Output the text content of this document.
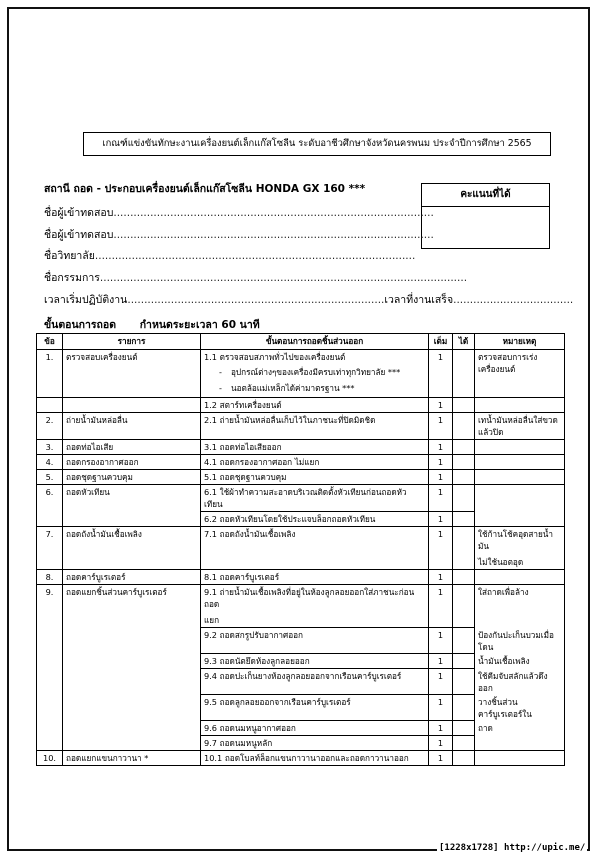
เกณฑ์แข่งขันทักษะงานเครื่องยนต์เล็กแก๊สโซลีน ระดับอาชีวศึกษาจังหวัดนครพนม ประจำปีการศึกษา 2565
คะแนนที่ได้
สถานี ถอด - ประกอบเครื่องยนต์เล็กแก๊สโซลีน HONDA GX 160 ***
ชื่อผู้เข้าทดสอบ................................................................................................
ชื่อผู้เข้าทดสอบ................................................................................................
ชื่อวิทยาลัย................................................................................................
ชื่อกรรมการ..............................................................................................................
เวลาเริ่มปฏิบัติงาน.............................................................................เวลาที่งานเสร็จ....................................
ขั้นตอนการถอด กำหนดระยะเวลา 60 นาที
ข้อ	รายการ	ขั้นตอนการถอดชิ้นส่วนออก	เต็ม	ได้	หมายเหตุ
1.	ตรวจสอบเครื่องยนต์	1.1 ตรวจสอบสภาพทั่วไปของเครื่องยนต์	1		ตรวจสอบการเร่งเครื่องยนต์

		- อุปกรณ์ต่างๆของเครื่องมีครบเท่าทุกวิทยาลัย ***
- นอตล้อแม่เหล็กได้ค่ามาตรฐาน ***

		1.2 สตาร์ทเครื่องยนต์	1		
2.	ถ่ายน้ำมันหล่อลื่น	2.1 ถ่ายน้ำมันหล่อลื่นเก็บไว้ในภาชนะที่ปิดมิดชิด	1		เทน้ำมันหล่อลื่นใส่ขวดแล้วปิด
3.	ถอดท่อไอเสีย	3.1 ถอดท่อไอเสียออก	1		
4.	ถอดกรองอากาศออก	4.1 ถอดกรองอากาศออก ไม่แยก	1		
5.	ถอดชุดฐานควบคุม	5.1 ถอดชุดฐานควบคุม	1		
6.	ถอดหัวเทียน	6.1 ใช้ผ้าทำความสะอาดบริเวณติดตั้งหัวเทียนก่อนถอดหัวเทียน	1		
		6.2 ถอดหัวเทียนโดยใช้ประแจบล็อกถอดหัวเทียน	1		
7.	ถอดถังน้ำมันเชื้อเพลิง	7.1 ถอดถังน้ำมันเชื้อเพลิง	1		ใช้ก้านโช้คอุดสายน้ำมัน
ไม่ใช้นอตอุด

8.	ถอดคาร์บูเรเตอร์	8.1 ถอดคาร์บูเรเตอร์	1		
9.	ถอดแยกชิ้นส่วนคาร์บูเรเตอร์	9.1 ถ่ายน้ำมันเชื้อเพลิงที่อยู่ในห้องลูกลอยออกใส่ภาชนะก่อนถอด
แยก	1		ใส่ถาดเพื่อล้าง
		9.2 ถอดสกรูปรับอากาศออก	1		ป้องกันปะเก็นบวมเมื่อโดน
		9.3 ถอดนัตยึดห้องลูกลอยออก	1		น้ำมันเชื้อเพลิง
		9.4 ถอดปะเก็นยางห้องลูกลอยออกจากเรือนคาร์บูเรเตอร์	1		ใช้คีมจับสลักแล้วดึงออก
		9.5 ถอดลูกลอยออกจากเรือนคาร์บูเรเตอร์	1		วางชิ้นส่วนคาร์บูเรเตอร์ใน
		9.6 ถอดนมหนูอากาศออก	1		ถาด
		9.7 ถอดนมหนูหลัก	1		
10.	ถอดแยกแขนกาวานา *	10.1 ถอดโบลท์ล็อกแขนกาวานาออกและถอดกาวานาออก	1		
[1228x1728] http://upic.me/
